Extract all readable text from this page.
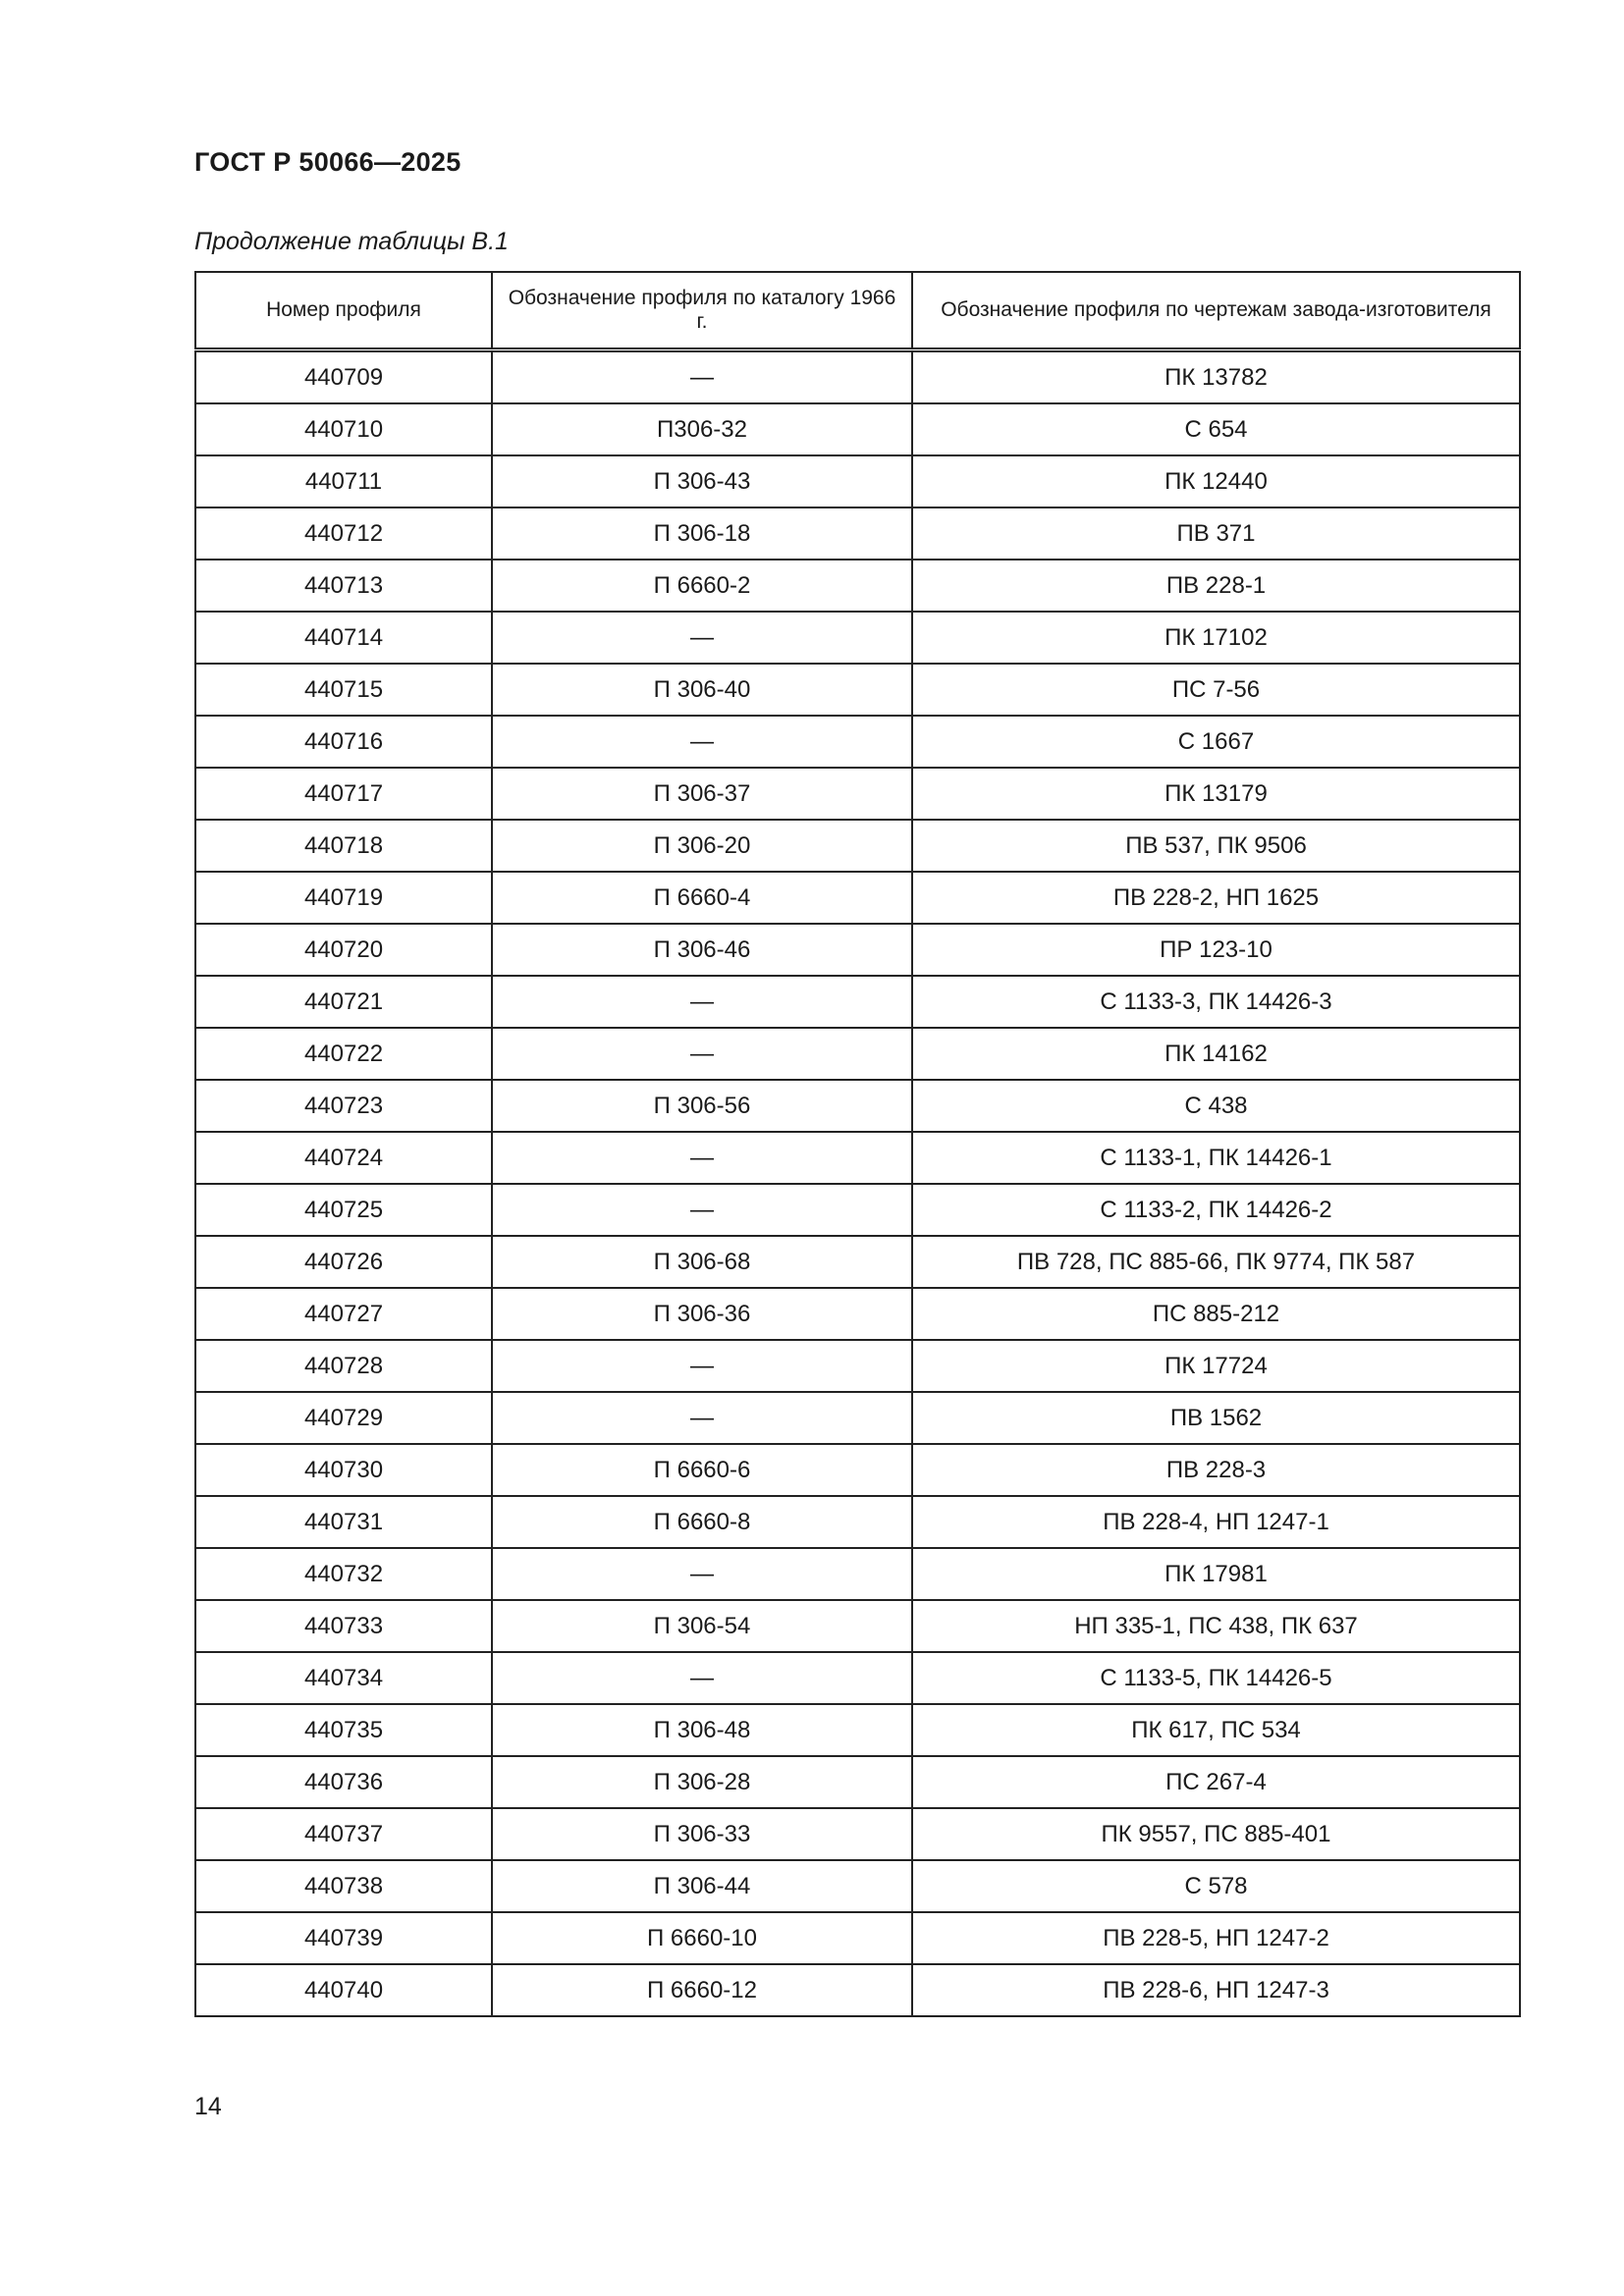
ГОСТ Р 50066—2025
Продолжение таблицы В.1
Номер профиля	Обозначение профиля по каталогу 1966 г.	Обозначение профиля по чертежам завода-изготовителя
440709	—	ПК 13782
440710	П306-32	С 654
440711	П 306-43	ПК 12440
440712	П 306-18	ПВ 371
440713	П 6660-2	ПВ 228-1
440714	—	ПК 17102
440715	П 306-40	ПС 7-56
440716	—	С 1667
440717	П 306-37	ПК 13179
440718	П 306-20	ПВ 537, ПК 9506
440719	П 6660-4	ПВ 228-2, НП 1625
440720	П 306-46	ПР 123-10
440721	—	С 1133-3, ПК 14426-3
440722	—	ПК 14162
440723	П 306-56	С 438
440724	—	С 1133-1, ПК 14426-1
440725	—	С 1133-2, ПК 14426-2
440726	П 306-68	ПВ 728, ПС 885-66, ПК 9774, ПК 587
440727	П 306-36	ПС 885-212
440728	—	ПК 17724
440729	—	ПВ 1562
440730	П 6660-6	ПВ 228-3
440731	П 6660-8	ПВ 228-4, НП 1247-1
440732	—	ПК 17981
440733	П 306-54	НП 335-1, ПС 438, ПК 637
440734	—	С 1133-5, ПК 14426-5
440735	П 306-48	ПК 617, ПС 534
440736	П 306-28	ПС 267-4
440737	П 306-33	ПК 9557, ПС 885-401
440738	П 306-44	С 578
440739	П 6660-10	ПВ 228-5, НП 1247-2
440740	П 6660-12	ПВ 228-6, НП 1247-3
14
